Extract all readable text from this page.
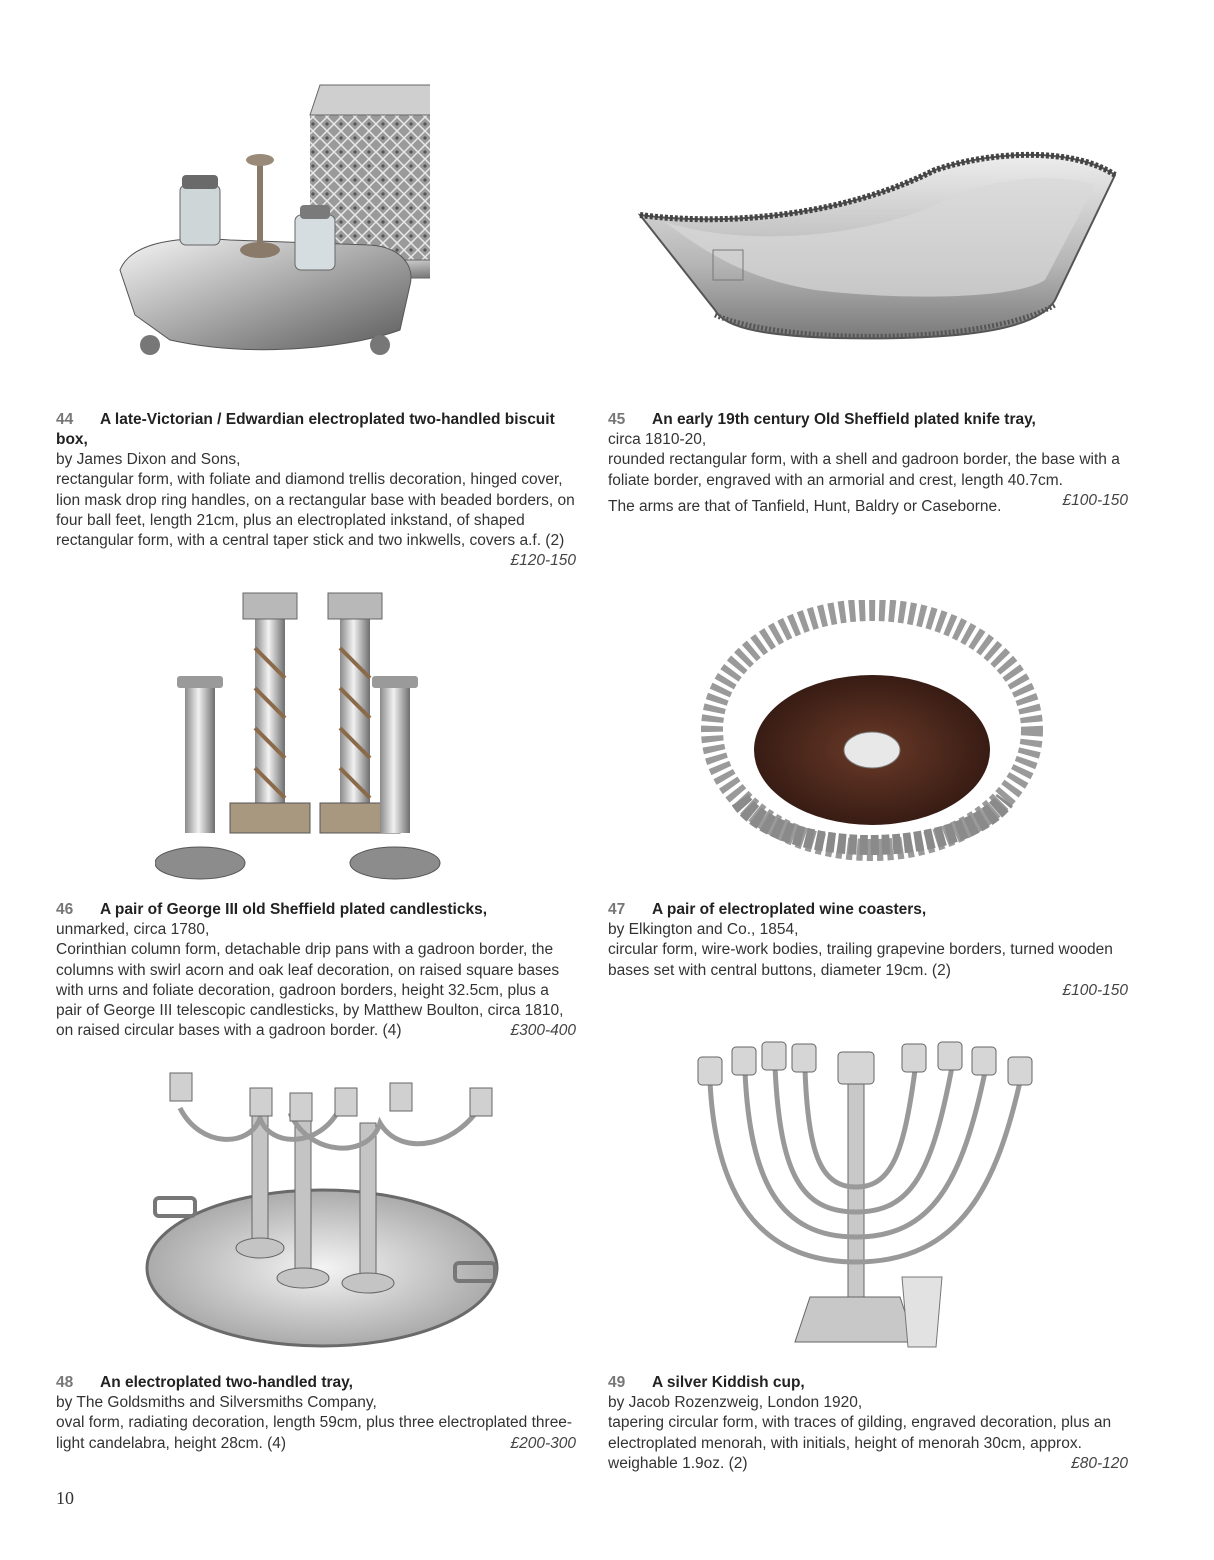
44 A late-Victorian / Edwardian electroplated two-handled biscuit box,
by James Dixon and Sons,
rectangular form, with foliate and diamond trellis decoration, hinged cover, lion mask drop ring handles, on a rectangular base with beaded borders, on four ball feet, length 21cm, plus an electroplated inkstand, of shaped rectangular form, with a central taper stick and two inkwells, covers a.f. (2)
£120-150
45 An early 19th century Old Sheffield plated knife tray,
circa 1810-20,
rounded rectangular form, with a shell and gadroon border, the base with a foliate border, engraved with an armorial and crest, length 40.7cm.
£100-150
The arms are that of Tanfield, Hunt, Baldry or Caseborne.
46 A pair of George III old Sheffield plated candlesticks,
unmarked, circa 1780,
Corinthian column form, detachable drip pans with a gadroon border, the columns with swirl acorn and oak leaf decoration, on raised square bases with urns and foliate decoration, gadroon borders, height 32.5cm, plus a pair of George III telescopic candlesticks, by Matthew Boulton, circa 1810, on raised circular bases with a gadroon border. (4)	£300-400
47 A pair of electroplated wine coasters,
by Elkington and Co., 1854,
circular form, wire-work bodies, trailing grapevine borders, turned wooden bases set with central buttons, diameter 19cm. (2)
£100-150
48 An electroplated two-handled tray,
by The Goldsmiths and Silversmiths Company,
oval form, radiating decoration, length 59cm, plus three electroplated three-light candelabra, height 28cm. (4)	£200-300
49 A silver Kiddish cup,
by Jacob Rozenzweig, London 1920,
tapering circular form, with traces of gilding, engraved decoration, plus an electroplated menorah, with initials, height of menorah 30cm, approx. weighable 1.9oz. (2)	£80-120
10
